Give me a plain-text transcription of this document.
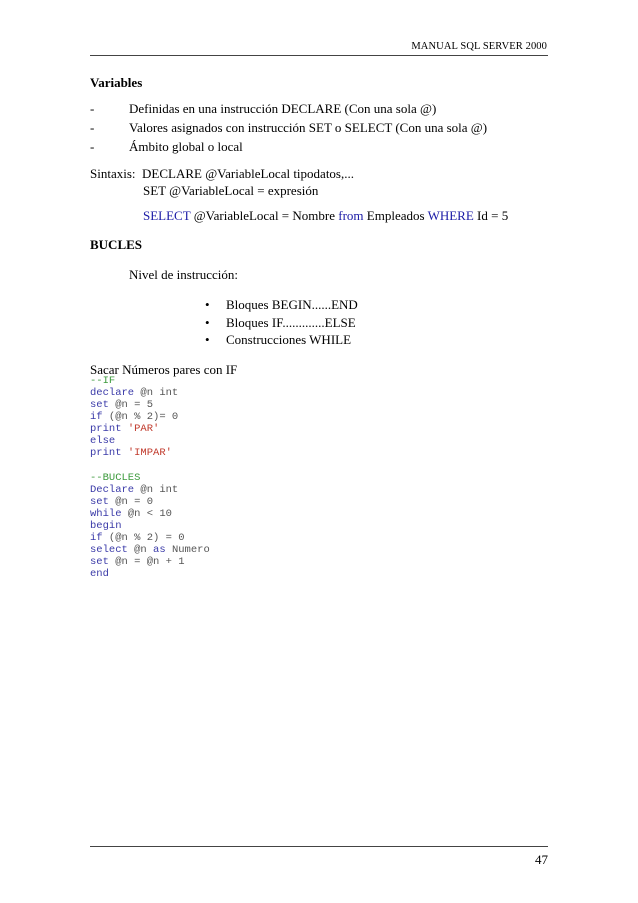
MANUAL SQL SERVER 2000
Variables
-	Definidas en una instrucción DECLARE (Con una sola @)
-	Valores asignados con instrucción SET o SELECT (Con una sola @)
-	Ámbito global o local
Sintaxis:  DECLARE @VariableLocal tipodatos,...
SET @VariableLocal = expresión
SELECT @VariableLocal = Nombre from Empleados WHERE Id = 5
BUCLES
Nivel de instrucción:
• Bloques BEGIN......END
• Bloques IF.............ELSE
• Construcciones WHILE
Sacar Números pares con IF
--IF
declare @n int
set @n = 5
if (@n % 2)= 0
print 'PAR'
else
print 'IMPAR'
--BUCLES
Declare @n int
set @n = 0
while @n < 10
begin
if (@n % 2) = 0
select @n as Numero
set @n = @n + 1
end
47
